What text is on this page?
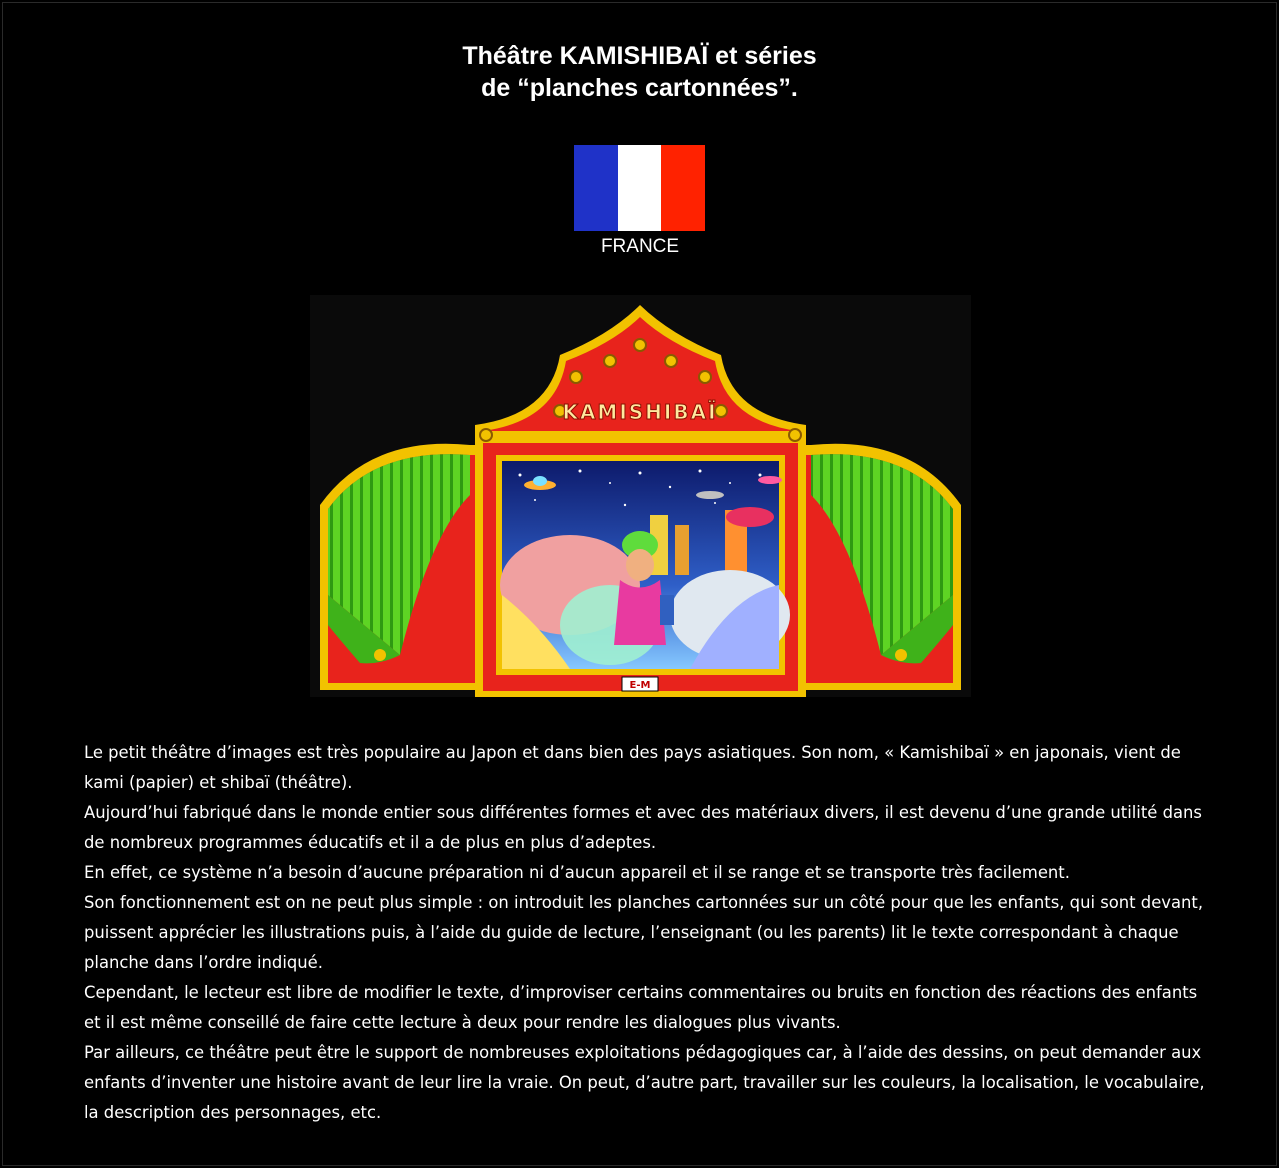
Théâtre KAMISHIBAÏ et séries
de “planches cartonnées”.
FRANCE
KAMISHIBAÏ
E-M

Le petit théâtre d’images est très populaire au Japon et dans bien des pays asiatiques. Son nom, « Kamishibaï » en japonais, vient de kami (papier) et shibaï (théâtre).

Aujourd’hui fabriqué dans le monde entier sous différentes formes et avec des matériaux divers, il est devenu d’une grande utilité dans de nombreux programmes éducatifs et il a de plus en plus d’adeptes.

En effet, ce système n’a besoin d’aucune préparation ni d’aucun appareil et il se range et se transporte très facilement.

Son fonctionnement est on ne peut plus simple : on introduit les planches cartonnées sur un côté pour que les enfants, qui sont devant, puissent apprécier les illustrations puis, à l’aide du guide de lecture, l’enseignant (ou les parents) lit le texte correspondant à chaque planche dans l’ordre indiqué.

Cependant, le lecteur est libre de modifier le texte, d’improviser certains commentaires ou bruits en fonction des réactions des enfants et il est même conseillé de faire cette lecture à deux pour rendre les dialogues plus vivants.

Par ailleurs, ce théâtre peut être le support de nombreuses exploitations pédagogiques car, à l’aide des dessins, on peut demander aux enfants d’inventer une histoire avant de leur lire la vraie. On peut, d’autre part, travailler sur les couleurs, la localisation, le vocabulaire, la description des personnages, etc.
